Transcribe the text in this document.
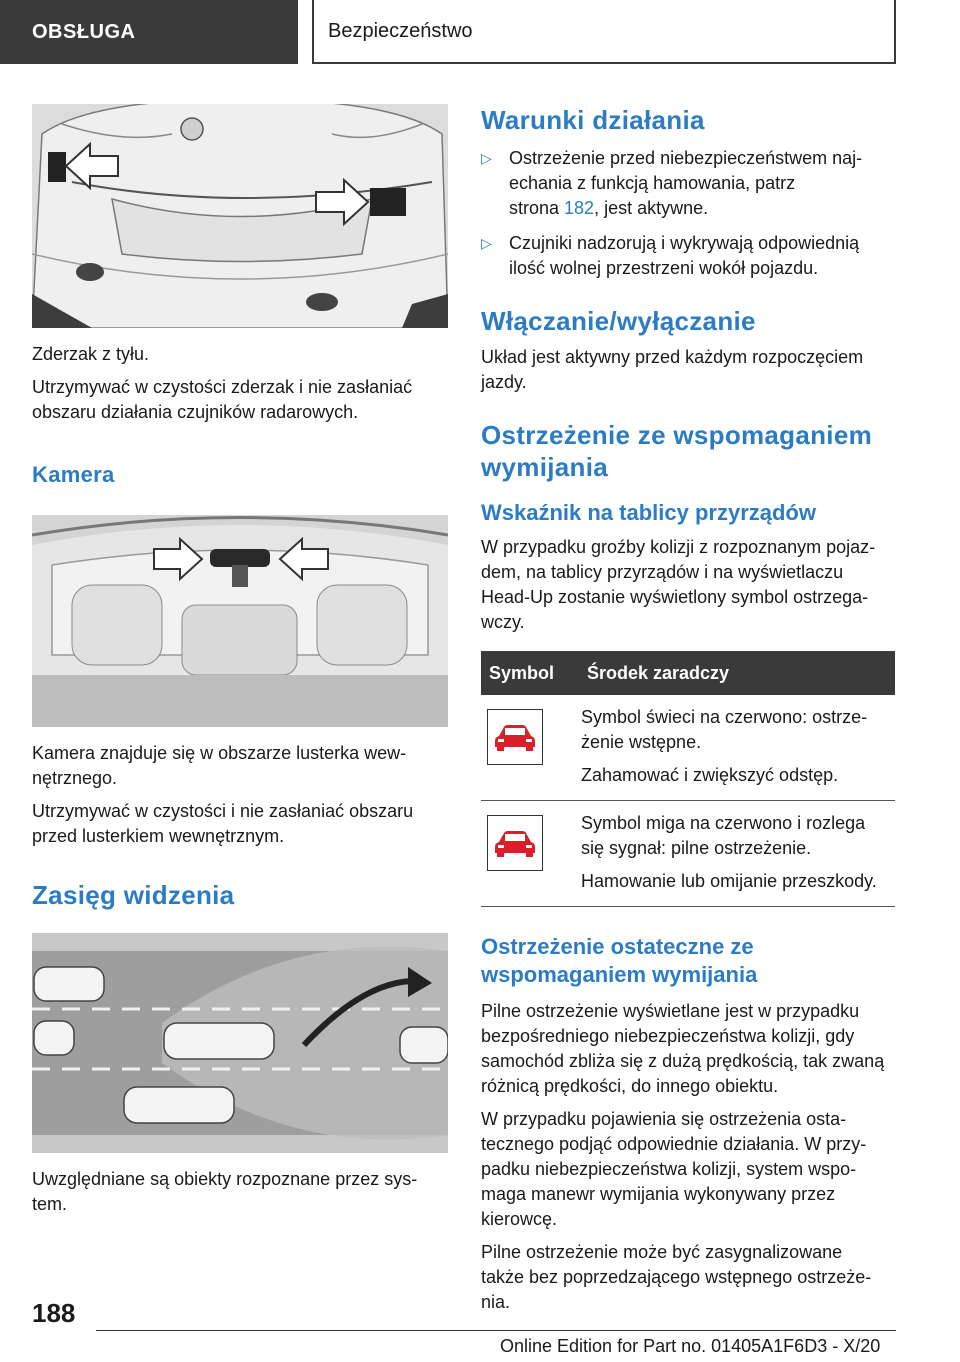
OBSŁUGA	Bezpieczeństwo

Zderzak z tyłu.

Utrzymywać w czystości zderzak i nie zasłaniać obszaru działania czujników radarowych.

Kamera

Kamera znajduje się w obszarze lusterka wew-
nętrznego.

Utrzymywać w czystości i nie zasłaniać obszaru przed lusterkiem wewnętrznym.

Zasięg widzenia

Uwzględniane są obiekty rozpoznane przez sys-
tem.

Warunki działania
▷ Ostrzeżenie przed niebezpieczeństwem naj-
echania z funkcją hamowania, patrz
strona 182, jest aktywne.
▷ Czujniki nadzorują i wykrywają odpowiednią ilość wolnej przestrzeni wokół pojazdu.
Włączanie/wyłączanie

Układ jest aktywny przed każdym rozpoczęciem jazdy.

Ostrzeżenie ze wspomaganiem wymijania
Wskaźnik na tablicy przyrządów

W przypadku groźby kolizji z rozpoznanym pojaz-
dem, na tablicy przyrządów i na wyświetlaczu
Head-Up zostanie wyświetlony symbol ostrzega-
wczy.

Symbol	Środek zaradczy

Symbol świeci na czerwono: ostrze-
żenie wstępne.
Zahamować i zwiększyć odstęp.

Symbol miga na czerwono i rozlega
się sygnał: pilne ostrzeżenie.
Hamowanie lub omijanie przeszkody.
Ostrzeżenie ostateczne ze wspomaganiem wymijania

Pilne ostrzeżenie wyświetlane jest w przypadku bezpośredniego niebezpieczeństwa kolizji, gdy samochód zbliża się z dużą prędkością, tak zwaną różnicą prędkości, do innego obiektu.

W przypadku pojawienia się ostrzeżenia osta-
tecznego podjąć odpowiednie działania. W przy-
padku niebezpieczeństwa kolizji, system wspo-
maga manewr wymijania wykonywany przez
kierowcę.

Pilne ostrzeżenie może być zasygnalizowane
także bez poprzedzającego wstępnego ostrzeże-
nia.

188
Online Edition for Part no. 01405A1F6D3 - X/20
